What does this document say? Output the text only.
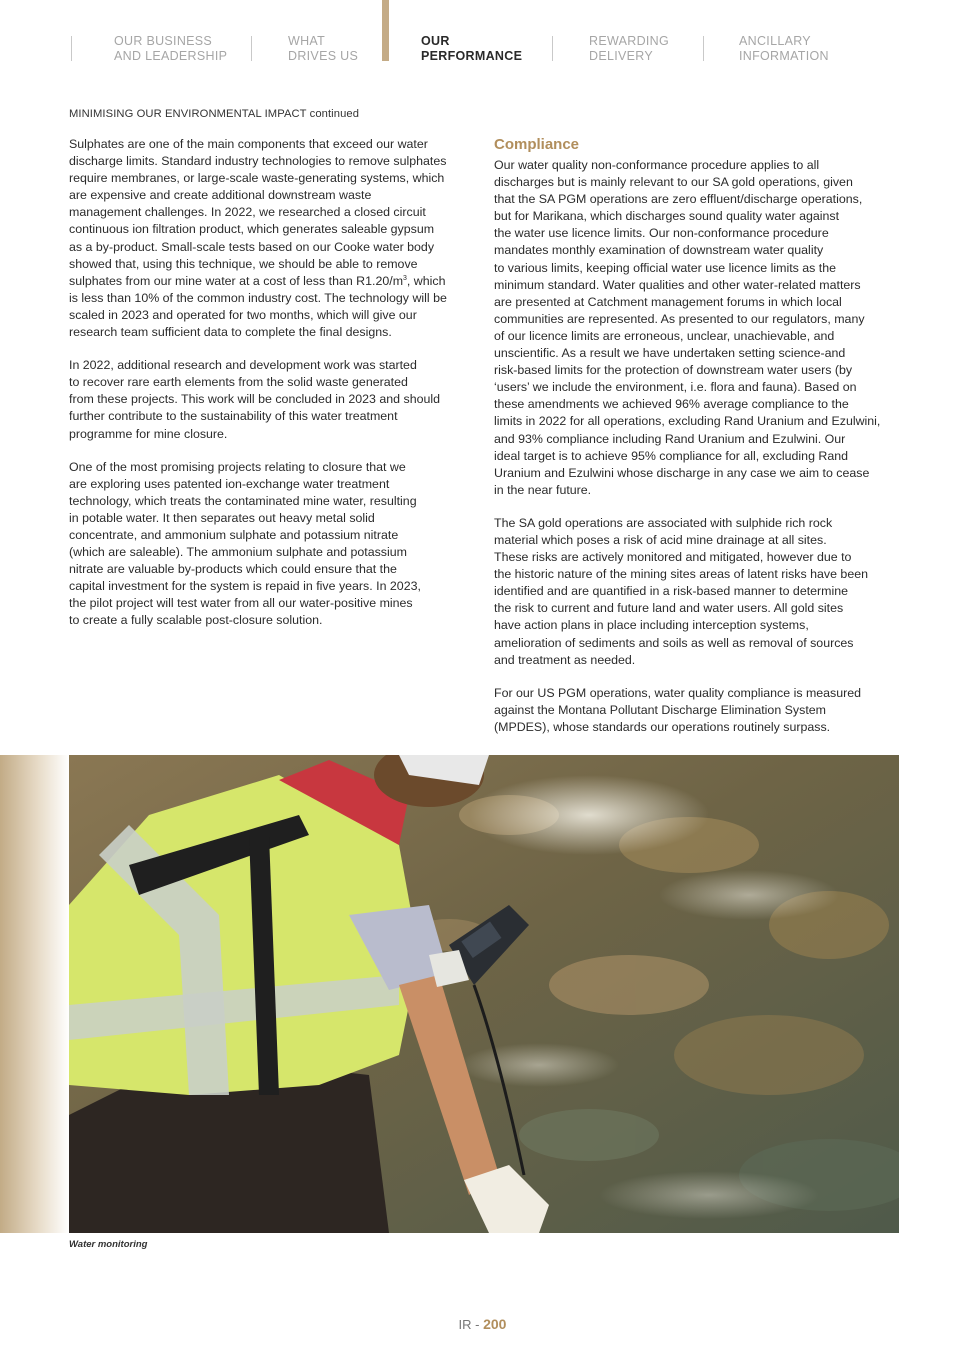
OUR BUSINESS
AND LEADERSHIP
WHAT
DRIVES US
OUR
PERFORMANCE
REWARDING
DELIVERY
ANCILLARY
INFORMATION
MINIMISING OUR ENVIRONMENTAL IMPACT continued

Sulphates are one of the main components that exceed our water
discharge limits. Standard industry technologies to remove sulphates
require membranes, or large-scale waste-generating systems, which
are expensive and create additional downstream waste
management challenges. In 2022, we researched a closed circuit
continuous ion filtration product, which generates saleable gypsum
as a by-product. Small-scale tests based on our Cooke water body
showed that, using this technique, we should be able to remove
sulphates from our mine water at a cost of less than $R1.20/m^3$, which
is less than 10% of the common industry cost. The technology will be
scaled in 2023 and operated for two months, which will give our
research team sufficient data to complete the final designs.

In 2022, additional research and development work was started
to recover rare earth elements from the solid waste generated
from these projects. This work will be concluded in 2023 and should
further contribute to the sustainability of this water treatment
programme for mine closure.

One of the most promising projects relating to closure that we
are exploring uses patented ion-exchange water treatment
technology, which treats the contaminated mine water, resulting
in potable water. It then separates out heavy metal solid
concentrate, and ammonium sulphate and potassium nitrate
(which are saleable). The ammonium sulphate and potassium
nitrate are valuable by-products which could ensure that the
capital investment for the system is repaid in five years. In 2023,
the pilot project will test water from all our water-positive mines
to create a fully scalable post-closure solution.

Compliance

Our water quality non-conformance procedure applies to all
discharges but is mainly relevant to our SA gold operations, given
that the SA PGM operations are zero effluent/discharge operations,
but for Marikana, which discharges sound quality water against
the water use licence limits. Our non-conformance procedure
mandates monthly examination of downstream water quality
to various limits, keeping official water use licence limits as the
minimum standard. Water qualities and other water-related matters
are presented at Catchment management forums in which local
communities are represented. As presented to our regulators, many
of our licence limits are erroneous, unclear, unachievable, and
unscientific. As a result we have undertaken setting science-and
risk-based limits for the protection of downstream water users (by
‘users’ we include the environment, i.e. flora and fauna). Based on
these amendments we achieved 96% average compliance to the
limits in 2022 for all operations, excluding Rand Uranium and Ezulwini,
and 93% compliance including Rand Uranium and Ezulwini. Our
ideal target is to achieve 95% compliance for all, excluding Rand
Uranium and Ezulwini whose discharge in any case we aim to cease
in the near future.

The SA gold operations are associated with sulphide rich rock
material which poses a risk of acid mine drainage at all sites.
These risks are actively monitored and mitigated, however due to
the historic nature of the mining sites areas of latent risks have been
identified and are quantified in a risk-based manner to determine
the risk to current and future land and water users. All gold sites
have action plans in place including interception systems,
amelioration of sediments and soils as well as removal of sources
and treatment as needed.

For our US PGM operations, water quality compliance is measured
against the Montana Pollutant Discharge Elimination System
(MPDES), whose standards our operations routinely surpass.

Water monitoring
IR - 200
